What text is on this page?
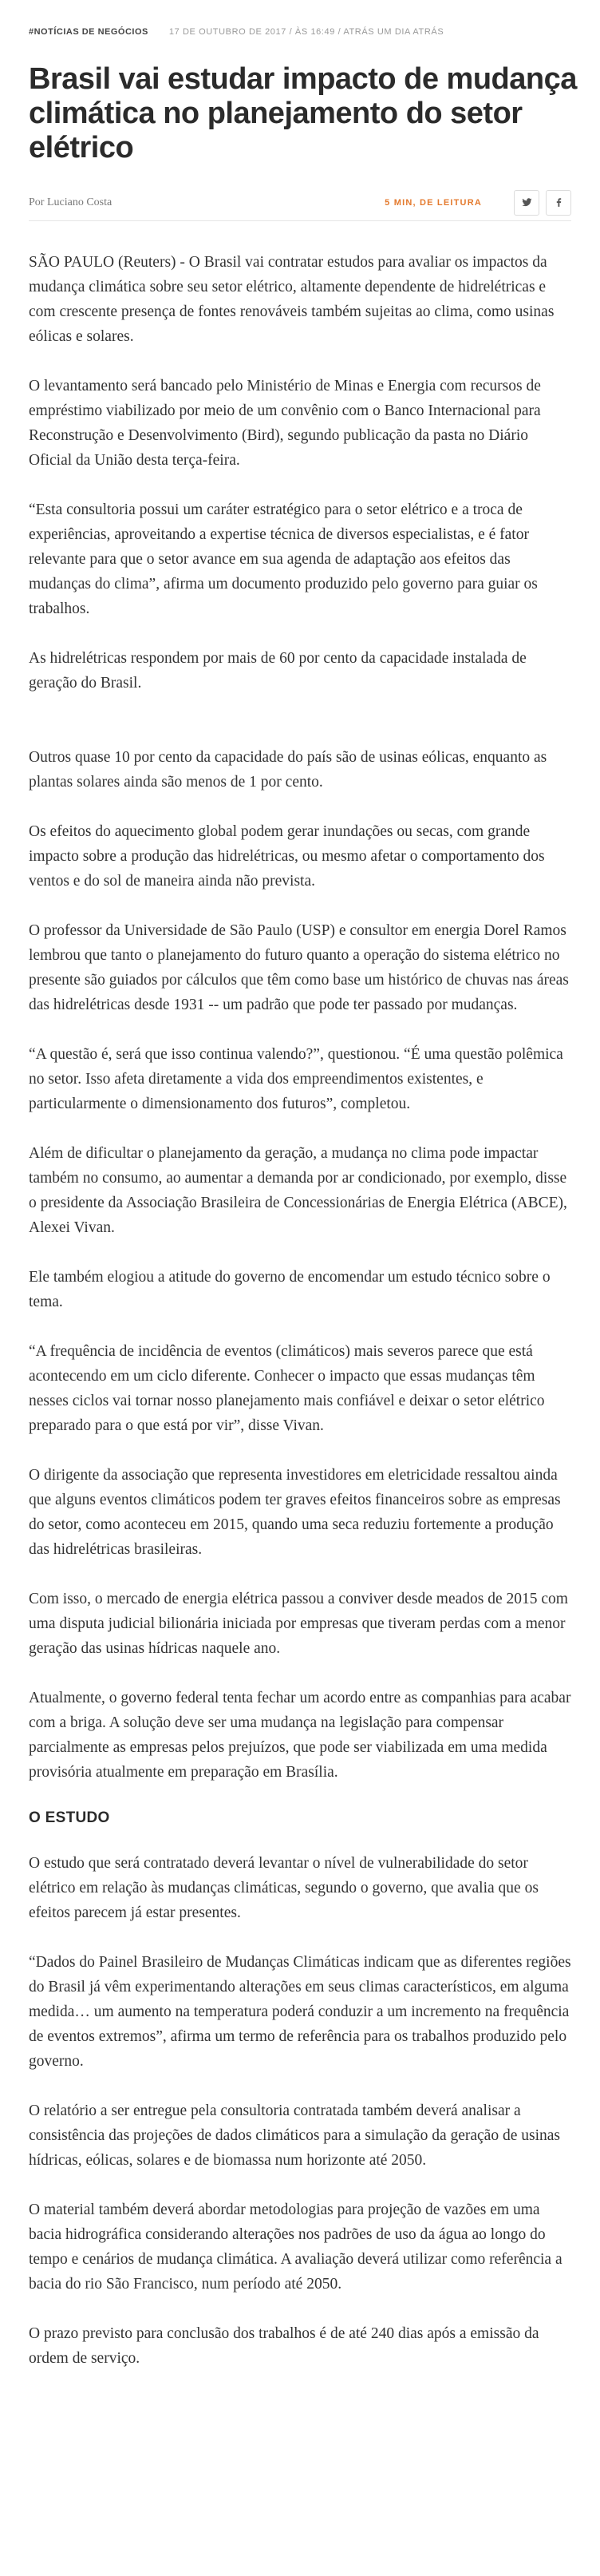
#NOTÍCIAS DE NEGÓCIOS 17 DE OUTUBRO DE 2017 / ÀS 16:49 / ATRÁS UM DIA ATRÁS
Brasil vai estudar impacto de mudança climática no planejamento do setor elétrico
Por Luciano Costa	5 MIN, DE LEITURA

SÃO PAULO (Reuters) - O Brasil vai contratar estudos para avaliar os impactos da mudança climática sobre seu setor elétrico, altamente dependente de hidrelétricas e com crescente presença de fontes renováveis também sujeitas ao clima, como usinas eólicas e solares.

O levantamento será bancado pelo Ministério de Minas e Energia com recursos de empréstimo viabilizado por meio de um convênio com o Banco Internacional para Reconstrução e Desenvolvimento (Bird), segundo publicação da pasta no Diário Oficial da União desta terça-feira.

“Esta consultoria possui um caráter estratégico para o setor elétrico e a troca de experiências, aproveitando a expertise técnica de diversos especialistas, e é fator relevante para que o setor avance em sua agenda de adaptação aos efeitos das mudanças do clima”, afirma um documento produzido pelo governo para guiar os trabalhos.

As hidrelétricas respondem por mais de 60 por cento da capacidade instalada de geração do Brasil.

Outros quase 10 por cento da capacidade do país são de usinas eólicas, enquanto as plantas solares ainda são menos de 1 por cento.

Os efeitos do aquecimento global podem gerar inundações ou secas, com grande impacto sobre a produção das hidrelétricas, ou mesmo afetar o comportamento dos ventos e do sol de maneira ainda não prevista.

O professor da Universidade de São Paulo (USP) e consultor em energia Dorel Ramos lembrou que tanto o planejamento do futuro quanto a operação do sistema elétrico no presente são guiados por cálculos que têm como base um histórico de chuvas nas áreas das hidrelétricas desde 1931 -- um padrão que pode ter passado por mudanças.

“A questão é, será que isso continua valendo?”, questionou. “É uma questão polêmica no setor. Isso afeta diretamente a vida dos empreendimentos existentes, e particularmente o dimensionamento dos futuros”, completou.

Além de dificultar o planejamento da geração, a mudança no clima pode impactar também no consumo, ao aumentar a demanda por ar condicionado, por exemplo, disse o presidente da Associação Brasileira de Concessionárias de Energia Elétrica (ABCE), Alexei Vivan.

Ele também elogiou a atitude do governo de encomendar um estudo técnico sobre o tema.

“A frequência de incidência de eventos (climáticos) mais severos parece que está acontecendo em um ciclo diferente. Conhecer o impacto que essas mudanças têm nesses ciclos vai tornar nosso planejamento mais confiável e deixar o setor elétrico preparado para o que está por vir”, disse Vivan.

O dirigente da associação que representa investidores em eletricidade ressaltou ainda que alguns eventos climáticos podem ter graves efeitos financeiros sobre as empresas do setor, como aconteceu em 2015, quando uma seca reduziu fortemente a produção das hidrelétricas brasileiras.

Com isso, o mercado de energia elétrica passou a conviver desde meados de 2015 com uma disputa judicial bilionária iniciada por empresas que tiveram perdas com a menor geração das usinas hídricas naquele ano.

Atualmente, o governo federal tenta fechar um acordo entre as companhias para acabar com a briga. A solução deve ser uma mudança na legislação para compensar parcialmente as empresas pelos prejuízos, que pode ser viabilizada em uma medida provisória atualmente em preparação em Brasília.

O ESTUDO

O estudo que será contratado deverá levantar o nível de vulnerabilidade do setor elétrico em relação às mudanças climáticas, segundo o governo, que avalia que os efeitos parecem já estar presentes.

“Dados do Painel Brasileiro de Mudanças Climáticas indicam que as diferentes regiões do Brasil já vêm experimentando alterações em seus climas característicos, em alguma medida… um aumento na temperatura poderá conduzir a um incremento na frequência de eventos extremos”, afirma um termo de referência para os trabalhos produzido pelo governo.

O relatório a ser entregue pela consultoria contratada também deverá analisar a consistência das projeções de dados climáticos para a simulação da geração de usinas hídricas, eólicas, solares e de biomassa num horizonte até 2050.

O material também deverá abordar metodologias para projeção de vazões em uma bacia hidrográfica considerando alterações nos padrões de uso da água ao longo do tempo e cenários de mudança climática. A avaliação deverá utilizar como referência a bacia do rio São Francisco, num período até 2050.

O prazo previsto para conclusão dos trabalhos é de até 240 dias após a emissão da ordem de serviço.
